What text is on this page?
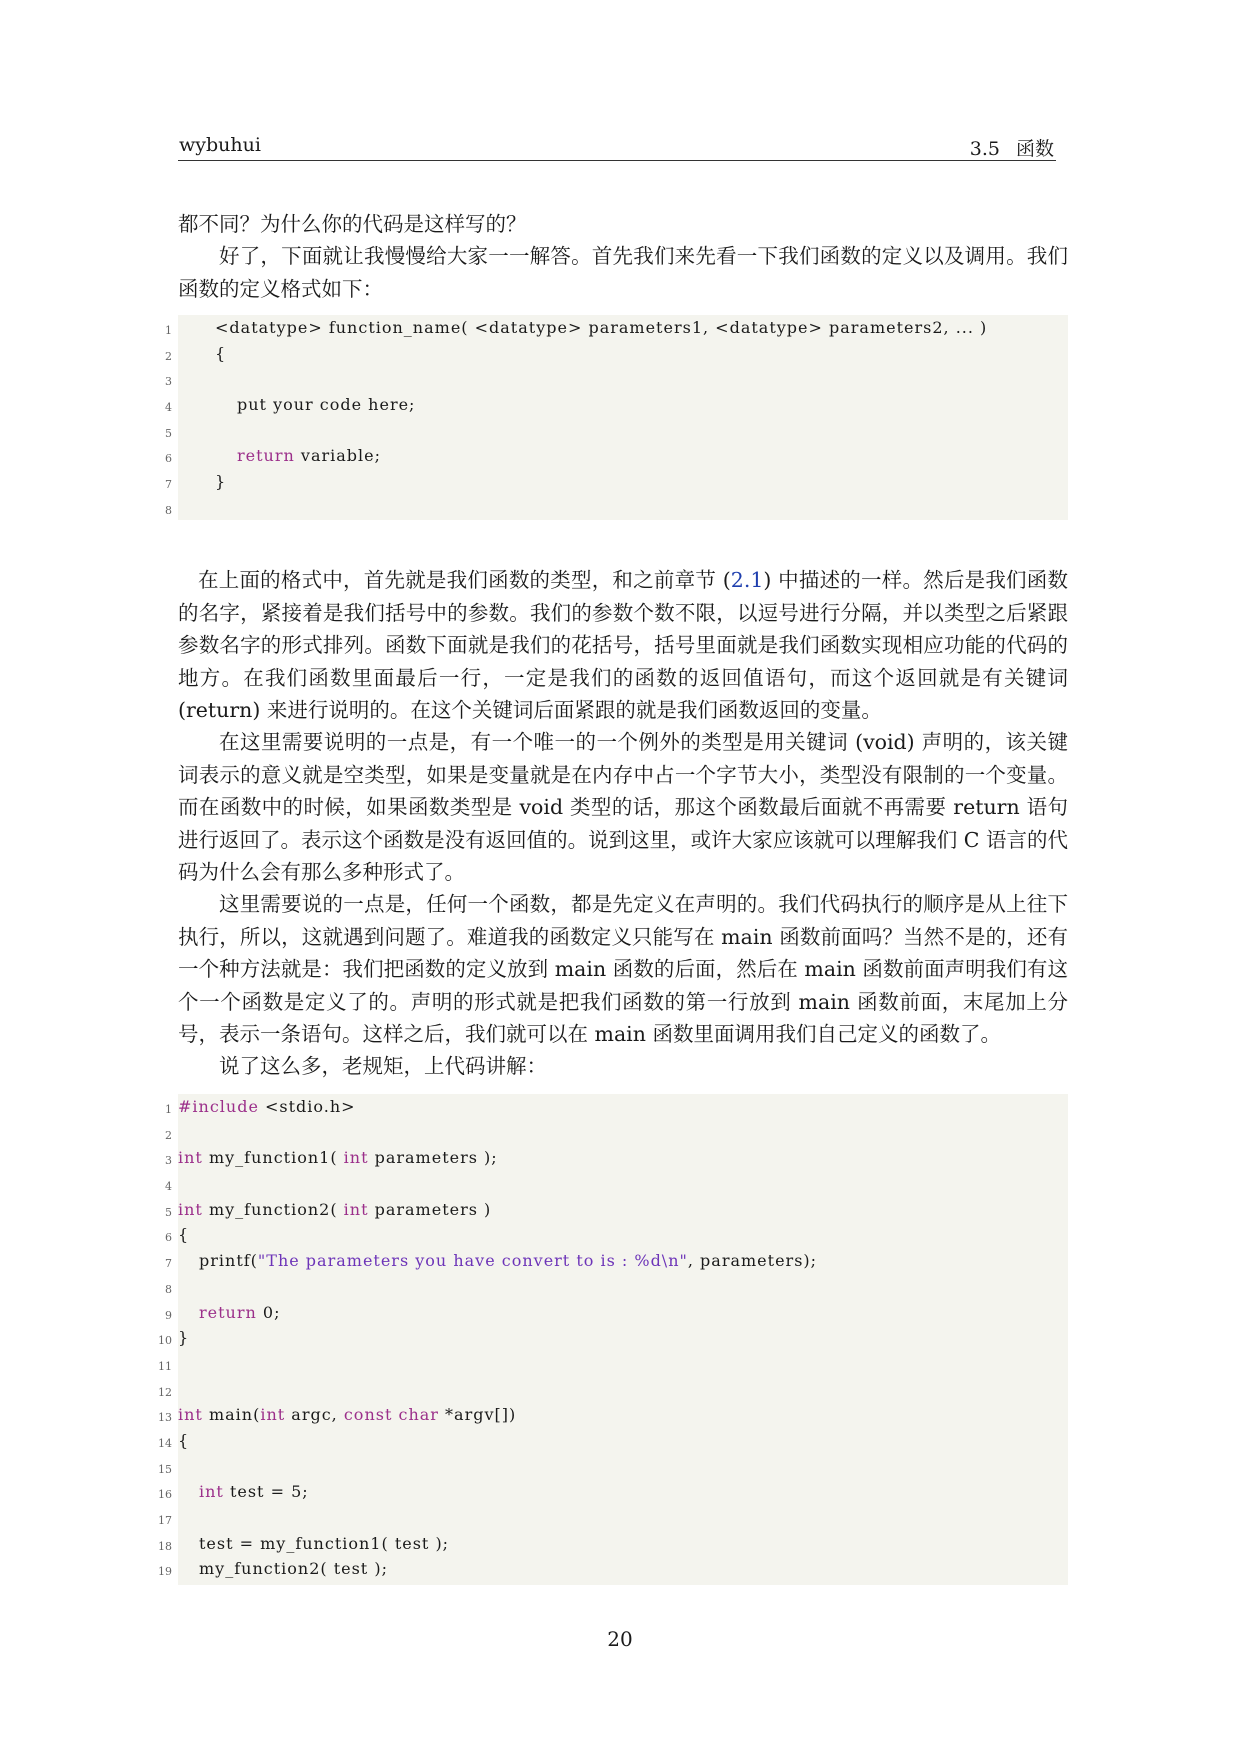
wybuhui	3.5 函数

都不同？为什么你的代码是这样写的？

好了，下面就让我慢慢给大家一一解答。首先我们来先看一下我们函数的定义以及调用。我们函数的定义格式如下：

1	<datatype> function_name( <datatype> parameters1, <datatype> parameters2, ... )
2	{
3
4	put your code here;
5
6	return variable;
7	}
8

在上面的格式中，首先就是我们函数的类型，和之前章节 (2.1) 中描述的一样。然后是我们函数的名字，紧接着是我们括号中的参数。我们的参数个数不限，以逗号进行分隔，并以类型之后紧跟参数名字的形式排列。函数下面就是我们的花括号，括号里面就是我们函数实现相应功能的代码的地方。在我们函数里面最后一行，一定是我们的函数的返回值语句，而这个返回就是有关键词 (return) 来进行说明的。在这个关键词后面紧跟的就是我们函数返回的变量。

在这里需要说明的一点是，有一个唯一的一个例外的类型是用关键词 (void) 声明的，该关键词表示的意义就是空类型，如果是变量就是在内存中占一个字节大小，类型没有限制的一个变量。而在函数中的时候，如果函数类型是 void 类型的话，那这个函数最后面就不再需要 return 语句进行返回了。表示这个函数是没有返回值的。说到这里，或许大家应该就可以理解我们 C 语言的代码为什么会有那么多种形式了。

这里需要说的一点是，任何一个函数，都是先定义在声明的。我们代码执行的顺序是从上往下执行，所以，这就遇到问题了。难道我的函数定义只能写在 main 函数前面吗？当然不是的，还有一个种方法就是：我们把函数的定义放到 main 函数的后面，然后在 main 函数前面声明我们有这个一个函数是定义了的。声明的形式就是把我们函数的第一行放到 main 函数前面，末尾加上分号，表示一条语句。这样之后，我们就可以在 main 函数里面调用我们自己定义的函数了。

说了这么多，老规矩，上代码讲解：

1 #include <stdio.h>
2
3 int my_function1( int parameters );
4
5 int my_function2( int parameters )
6 {
7 printf("The parameters you have convert to is : %d\n", parameters);
8
9 return 0;
10 }
11
12
13 int main(int argc, const char *argv[])
14 {
15
16 int test = 5;
17
18 test = my_function1( test );
19 my_function2( test );
20
